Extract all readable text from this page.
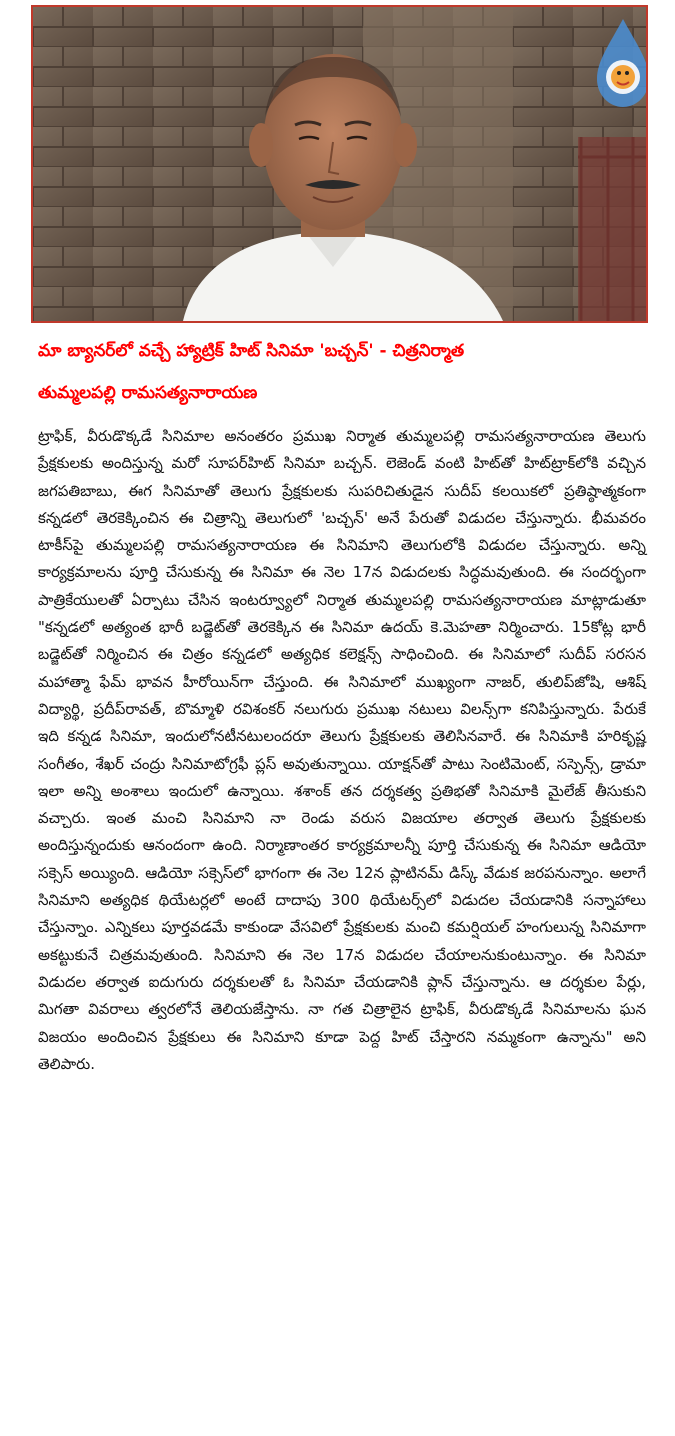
మా బ్యానర్‌లో వచ్చే హ్యాట్రిక్ హిట్ సినిమా 'బచ్చన్' - చిత్రనిర్మాత
తుమ్మలపల్లి రామసత్యనారాయణ

ట్రాఫిక్, వీరుడొక్కడే సినిమాల అనంతరం ప్రముఖ నిర్మాత తుమ్మలపల్లి రామసత్యనారాయణ తెలుగు ప్రేక్షకులకు అందిస్తున్న మరో సూపర్‌హిట్ సినిమా బచ్చన్. లెజెండ్ వంటి హిట్‌తో హిట్‌ట్రాక్‌లోకి వచ్చిన జగపతిబాబు, ఈగ సినిమాతో తెలుగు ప్రేక్షకులకు సుపరిచితుడైన సుదీప్ కలయికలో ప్రతిష్ఠాత్మకంగా కన్నడలో తెరకెక్కించిన ఈ చిత్రాన్ని తెలుగులో 'బచ్చన్' అనే పేరుతో విడుదల చేస్తున్నారు. భీమవరం టాకీస్‌పై తుమ్మలపల్లి రామసత్యనారాయణ ఈ సినిమాని తెలుగులోకి విడుదల చేస్తున్నారు. అన్ని కార్యక్రమాలను పూర్తి చేసుకున్న ఈ సినిమా ఈ నెల 17న విడుదలకు సిద్ధమవుతుంది. ఈ సందర్భంగా పాత్రికేయులతో ఏర్పాటు చేసిన ఇంటర్వ్యూలో నిర్మాత తుమ్మలపల్లి రామసత్యనారాయణ మాట్లాడుతూ "కన్నడలో అత్యంత భారీ బడ్జెట్‌తో తెరకెక్కిన ఈ సినిమా ఉదయ్ కె.మెహతా నిర్మించారు. 15కోట్ల భారీ బడ్జెట్‌తో నిర్మించిన ఈ చిత్రం కన్నడలో అత్యధిక కలెక్షన్స్ సాధించింది. ఈ సినిమాలో సుదీప్ సరసన మహాత్మా ఫేమ్ భావన హీరోయిన్‌గా చేస్తుంది. ఈ సినిమాలో ముఖ్యంగా నాజర్, తులిప్‌జోషి, ఆశిష్ విద్యార్థి, ప్రదీప్‌రావత్, బొమ్మాళి రవిశంకర్ నలుగురు ప్రముఖ నటులు విలన్స్‌గా కనిపిస్తున్నారు. పేరుకే ఇది కన్నడ సినిమా, ఇందులోనటీనటులందరూ తెలుగు ప్రేక్షకులకు తెలిసినవారే. ఈ సినిమాకి హరికృష్ణ సంగీతం, శేఖర్ చంద్రు సినిమాటోగ్రఫీ ప్లస్ అవుతున్నాయి. యాక్షన్‌తో పాటు సెంటిమెంట్, సస్పెన్స్, డ్రామా ఇలా అన్ని అంశాలు ఇందులో ఉన్నాయి. శశాంక్ తన దర్శకత్వ ప్రతిభతో సినిమాకి మైలేజ్ తీసుకుని వచ్చారు. ఇంత మంచి సినిమాని నా రెండు వరుస విజయాల తర్వాత తెలుగు ప్రేక్షకులకు అందిస్తున్నందుకు ఆనందంగా ఉంది. నిర్మాణాంతర కార్యక్రమాలన్నీ పూర్తి చేసుకున్న ఈ సినిమా ఆడియో సక్సెస్ అయ్యింది. ఆడియో సక్సెస్‌లో భాగంగా ఈ నెల 12న ప్లాటినమ్ డిస్క్ వేడుక జరపనున్నాం. అలాగే సినిమాని అత్యధిక థియేటర్లలో అంటే దాదాపు 300 థియేటర్స్‌లో విడుదల చేయడానికి సన్నాహాలు చేస్తున్నాం. ఎన్నికలు పూర్తవడమే కాకుండా వేసవిలో ప్రేక్షకులకు మంచి కమర్షియల్ హంగులున్న సినిమాగా అకట్టుకునే చిత్రమవుతుంది. సినిమాని ఈ నెల 17న విడుదల చేయాలనుకుంటున్నాం. ఈ సినిమా విడుదల తర్వాత ఐదుగురు దర్శకులతో ఓ సినిమా చేయడానికి ప్లాన్ చేస్తున్నాను. ఆ దర్శకుల పేర్లు, మిగతా వివరాలు త్వరలోనే తెలియజేస్తాను. నా గత చిత్రాలైన ట్రాఫిక్, వీరుడొక్కడే సినిమాలను ఘన విజయం అందించిన ప్రేక్షకులు ఈ సినిమాని కూడా పెద్ద హిట్ చేస్తారని నమ్మకంగా ఉన్నాను" అని తెలిపారు.
